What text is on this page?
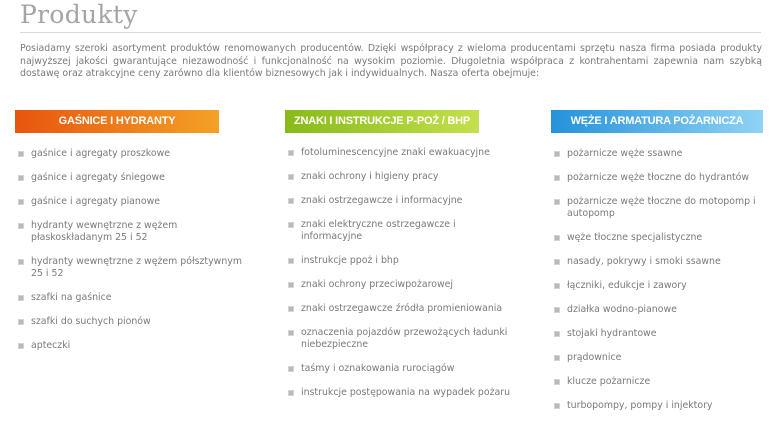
Produkty

Posiadamy szeroki asortyment produktów renomowanych producentów. Dzięki współpracy z wieloma producentami sprzętu nasza firma posiada produkty najwyższej jakości gwarantujące niezawodność i funkcjonalność na wysokim poziomie. Długoletnia współpraca z kontrahentami zapewnia nam szybką dostawę oraz atrakcyjne ceny zarówno dla klientów biznesowych jak i indywidualnych. Nasza oferta obejmuje:

GAŚNICE I HYDRANTY
gaśnice i agregaty proszkowe
gaśnice i agregaty śniegowe
gaśnice i agregaty pianowe
hydranty wewnętrzne z wężem płaskoskładanym 25 i 52
hydranty wewnętrzne z wężem półsztywnym 25 i 52
szafki na gaśnice
szafki do suchych pionów
apteczki
ZNAKI I INSTRUKCJE P-POŻ / BHP
fotoluminescencyjne znaki ewakuacyjne
znaki ochrony i higieny pracy
znaki ostrzegawcze i informacyjne
znaki elektryczne ostrzegawcze i informacyjne
instrukcje ppoż i bhp
znaki ochrony przeciwpożarowej
znaki ostrzegawcze źródła promieniowania
oznaczenia pojazdów przewożących ładunki niebezpieczne
taśmy i oznakowania rurociągów
instrukcje postępowania na wypadek pożaru
WĘŻE I ARMATURA POŻARNICZA
pożarnicze węże ssawne
pożarnicze węże tłoczne do hydrantów
pożarnicze węże tłoczne do motopomp i autopomp
węże tłoczne specjalistyczne
nasady, pokrywy i smoki ssawne
łączniki, edukcje i zawory
działka wodno-pianowe
stojaki hydrantowe
prądownice
klucze pożarnicze
turbopompy, pompy i injektory
